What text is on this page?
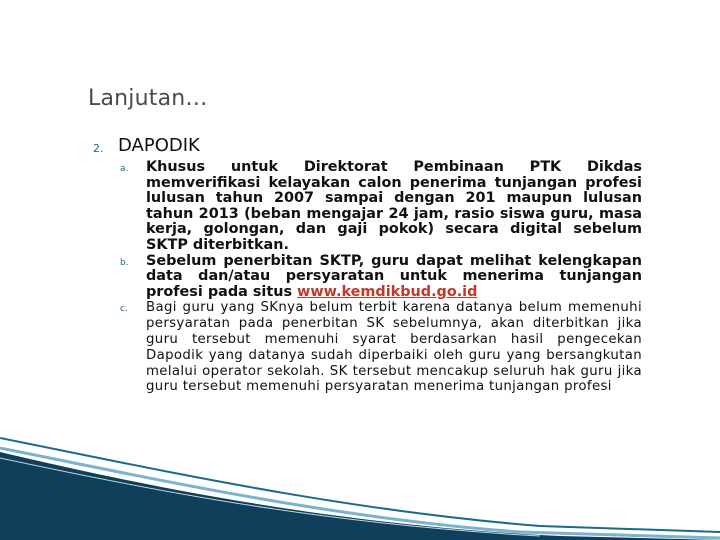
Lanjutan…
2. DAPODIK
a. Khusus untuk Direktorat Pembinaan PTK Dikdas memverifikasi kelayakan calon penerima tunjangan profesi lulusan tahun 2007 sampai dengan 201 maupun lulusan tahun 2013 (beban mengajar 24 jam, rasio siswa guru, masa kerja, golongan, dan gaji pokok) secara digital sebelum SKTP diterbitkan.
b. Sebelum penerbitan SKTP, guru dapat melihat kelengkapan data dan/atau persyaratan untuk menerima tunjangan profesi pada situs www.kemdikbud.go.id
c. Bagi guru yang SKnya belum terbit karena datanya belum memenuhi persyaratan pada penerbitan SK sebelumnya, akan diterbitkan jika guru tersebut memenuhi syarat berdasarkan hasil pengecekan Dapodik yang datanya sudah diperbaiki oleh guru yang bersangkutan melalui operator sekolah. SK tersebut mencakup seluruh hak guru jika guru tersebut memenuhi persyaratan menerima tunjangan profesi
